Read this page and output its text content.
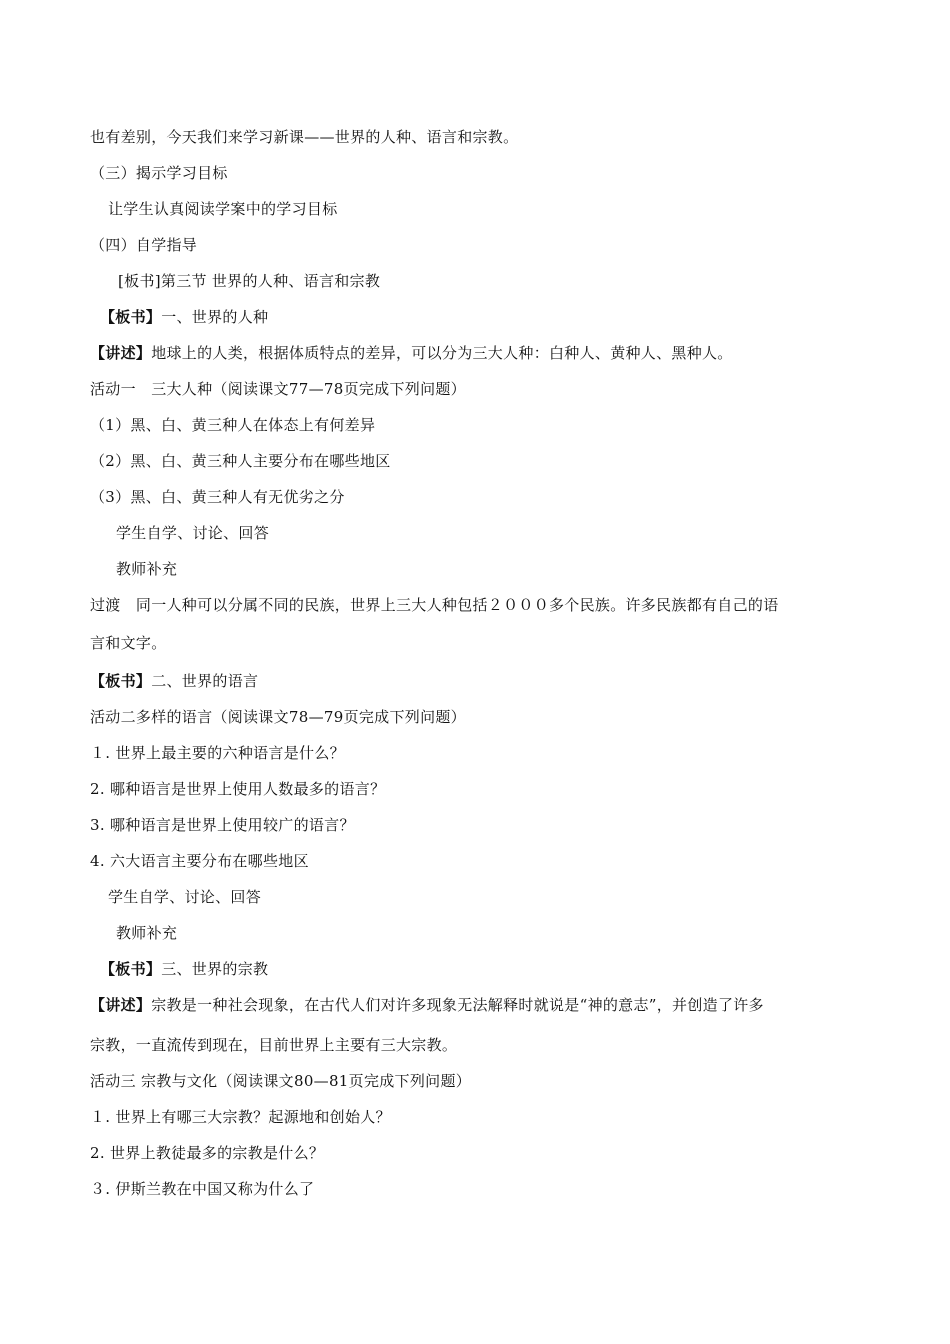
也有差别，今天我们来学习新课——世界的人种、语言和宗教。
（三）揭示学习目标
让学生认真阅读学案中的学习目标
（四）自学指导
[板书]第三节 世界的人种、语言和宗教
【板书】一、世界的人种
【讲述】地球上的人类，根据体质特点的差异，可以分为三大人种：白种人、黄种人、黑种人。
活动一　三大人种（阅读课文77—78页完成下列问题）
（1）黑、白、黄三种人在体态上有何差异
（2）黑、白、黄三种人主要分布在哪些地区
（3）黑、白、黄三种人有无优劣之分
学生自学、讨论、回答
教师补充
过渡　同一人种可以分属不同的民族，世界上三大人种包括２０００多个民族。许多民族都有自己的语
言和文字。
【板书】二、世界的语言
活动二多样的语言（阅读课文78—79页完成下列问题）
１. 世界上最主要的六种语言是什么？
2. 哪种语言是世界上使用人数最多的语言？
3. 哪种语言是世界上使用较广的语言？
4. 六大语言主要分布在哪些地区
学生自学、讨论、回答
教师补充
【板书】三、世界的宗教
【讲述】宗教是一种社会现象，在古代人们对许多现象无法解释时就说是“神的意志”，并创造了许多
宗教，一直流传到现在，目前世界上主要有三大宗教。
活动三 宗教与文化（阅读课文80—81页完成下列问题）
１. 世界上有哪三大宗教？起源地和创始人？
2. 世界上教徒最多的宗教是什么？
３. 伊斯兰教在中国又称为什么了
